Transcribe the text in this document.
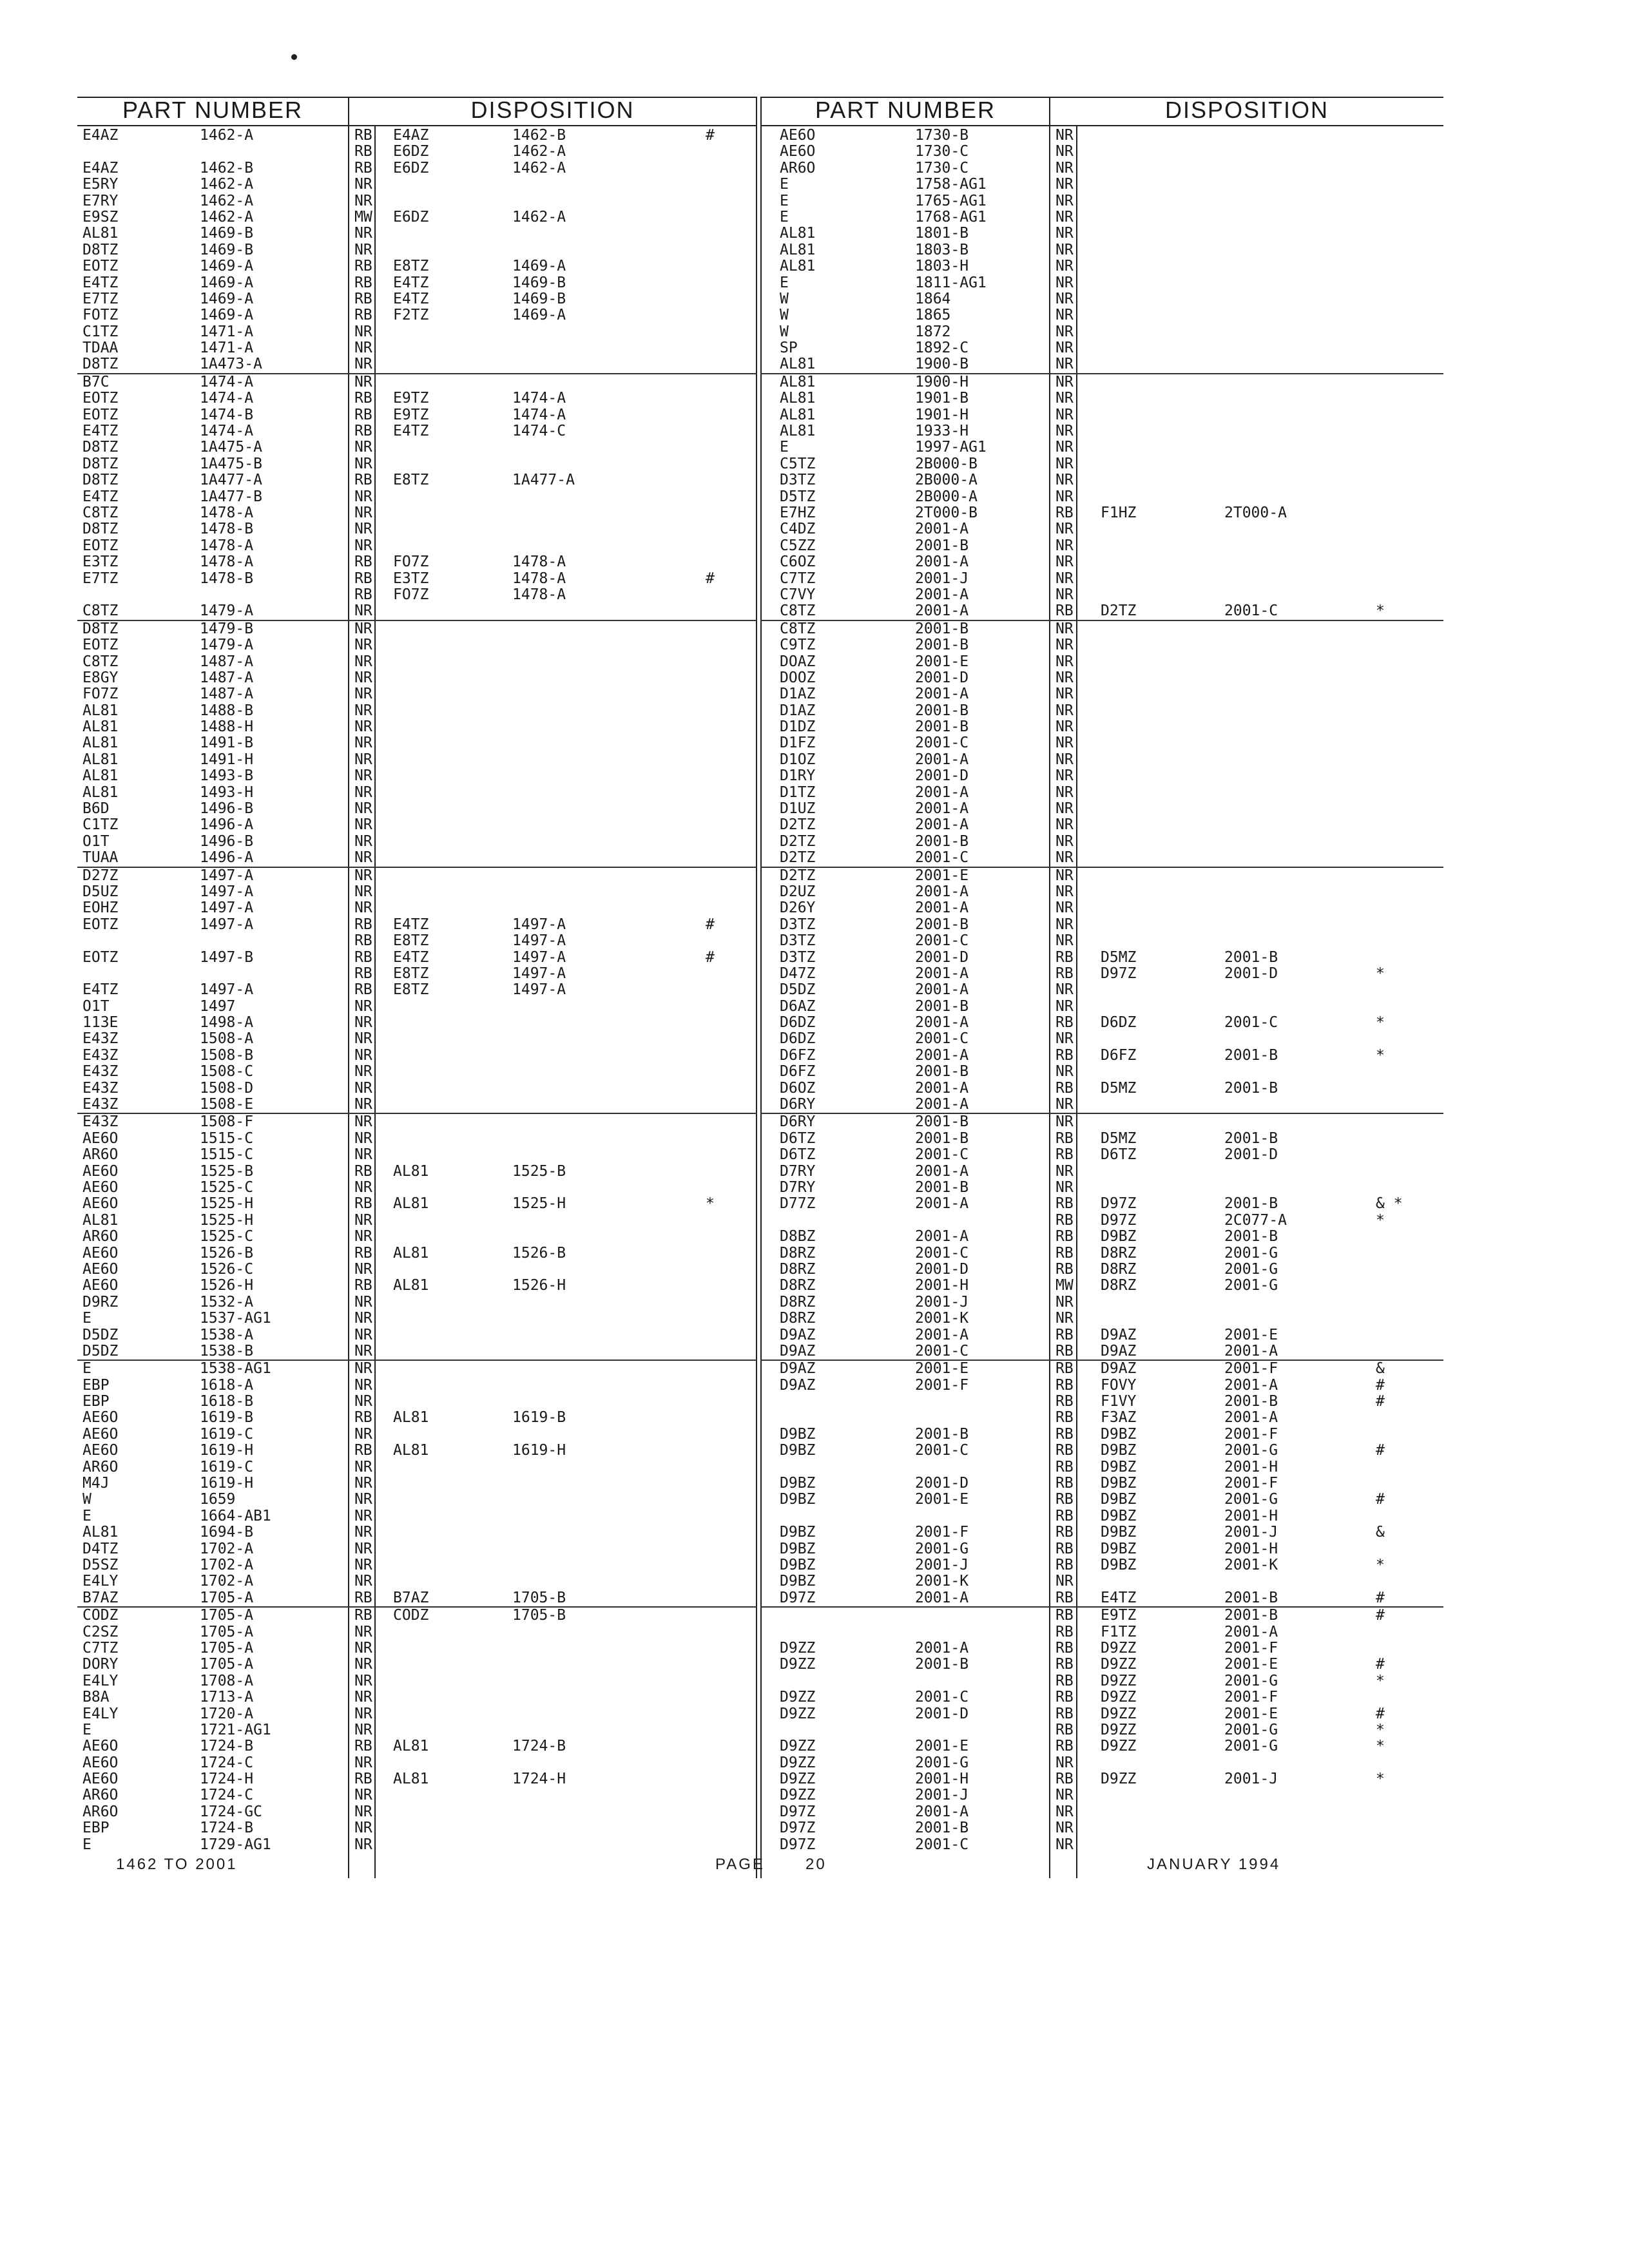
PART NUMBER	DISPOSITION
E4AZ	1462-A	RB E4AZ	1462-B	#
RB E6DZ	1462-A
E4AZ	1462-B	RB E6DZ	1462-A
E5RY	1462-A	NR
E7RY	1462-A	NR
E9SZ	1462-A	MW E6DZ	1462-A
AL81	1469-B	NR
D8TZ	1469-B	NR
EOTZ	1469-A	RB E8TZ	1469-A
E4TZ	1469-A	RB E4TZ	1469-B
E7TZ	1469-A	RB E4TZ	1469-B
FOTZ	1469-A	RB F2TZ	1469-A
C1TZ	1471-A	NR
TDAA	1471-A	NR
D8TZ	1A473-A	NR
B7C	1474-A	NR
EOTZ	1474-A	RB E9TZ	1474-A
EOTZ	1474-B	RB E9TZ	1474-A
E4TZ	1474-A	RB E4TZ	1474-C
D8TZ	1A475-A	NR
D8TZ	1A475-B	NR
D8TZ	1A477-A	RB E8TZ	1A477-A
E4TZ	1A477-B	NR
C8TZ	1478-A	NR
D8TZ	1478-B	NR
EOTZ	1478-A	NR
E3TZ	1478-A	RB FO7Z	1478-A
E7TZ	1478-B	RB E3TZ	1478-A	#
RB FO7Z	1478-A
C8TZ	1479-A	NR
D8TZ	1479-B	NR
EOTZ	1479-A	NR
C8TZ	1487-A	NR
E8GY	1487-A	NR
FO7Z	1487-A	NR
AL81	1488-B	NR
AL81	1488-H	NR
AL81	1491-B	NR
AL81	1491-H	NR
AL81	1493-B	NR
AL81	1493-H	NR
B6D	1496-B	NR
C1TZ	1496-A	NR
O1T	1496-B	NR
TUAA	1496-A	NR
D27Z	1497-A	NR
D5UZ	1497-A	NR
EOHZ	1497-A	NR
EOTZ	1497-A	RB E4TZ	1497-A	#
RB E8TZ	1497-A
EOTZ	1497-B	RB E4TZ	1497-A	#
RB E8TZ	1497-A
E4TZ	1497-A	RB E8TZ	1497-A
O1T	1497	NR
113E	1498-A	NR
E43Z	1508-A	NR
E43Z	1508-B	NR
E43Z	1508-C	NR
E43Z	1508-D	NR
E43Z	1508-E	NR
E43Z	1508-F	NR
AE6O	1515-C	NR
AR6O	1515-C	NR
AE6O	1525-B	RB AL81	1525-B
AE6O	1525-C	NR
AE6O	1525-H	RB AL81	1525-H	*
AL81	1525-H	NR
AR6O	1525-C	NR
AE6O	1526-B	RB AL81	1526-B
AE6O	1526-C	NR
AE6O	1526-H	RB AL81	1526-H
D9RZ	1532-A	NR
E	1537-AG1	NR
D5DZ	1538-A	NR
D5DZ	1538-B	NR
E	1538-AG1	NR
EBP	1618-A	NR
EBP	1618-B	NR
AE6O	1619-B	RB AL81	1619-B
AE6O	1619-C	NR
AE6O	1619-H	RB AL81	1619-H
AR6O	1619-C	NR
M4J	1619-H	NR
W	1659	NR
E	1664-AB1	NR
AL81	1694-B	NR
D4TZ	1702-A	NR
D5SZ	1702-A	NR
E4LY	1702-A	NR
B7AZ	1705-A	RB B7AZ	1705-B
CODZ	1705-A	RB CODZ	1705-B
C2SZ	1705-A	NR
C7TZ	1705-A	NR
DORY	1705-A	NR
E4LY	1708-A	NR
B8A	1713-A	NR
E4LY	1720-A	NR
E	1721-AG1	NR
AE6O	1724-B	RB AL81	1724-B
AE6O	1724-C	NR
AE6O	1724-H	RB AL81	1724-H
AR6O	1724-C	NR
AR6O	1724-GC	NR
EBP	1724-B	NR
E	1729-AG1	NR
PART NUMBER	DISPOSITION
AE6O	1730-B	NR
AE6O	1730-C	NR
AR6O	1730-C	NR
E	1758-AG1	NR
E	1765-AG1	NR
E	1768-AG1	NR
AL81	1801-B	NR
AL81	1803-B	NR
AL81	1803-H	NR
E	1811-AG1	NR
W	1864	NR
W	1865	NR
W	1872	NR
SP	1892-C	NR
AL81	1900-B	NR
AL81	1900-H	NR
AL81	1901-B	NR
AL81	1901-H	NR
AL81	1933-H	NR
E	1997-AG1	NR
C5TZ	2B000-B	NR
D3TZ	2B000-A	NR
D5TZ	2B000-A	NR
E7HZ	2T000-B	RB F1HZ	2T000-A
C4DZ	2001-A	NR
C5ZZ	2001-B	NR
C6OZ	2001-A	NR
C7TZ	2001-J	NR
C7VY	2001-A	NR
C8TZ	2001-A	RB D2TZ	2001-C	*
C8TZ	2001-B	NR
C9TZ	2001-B	NR
DOAZ	2001-E	NR
DOOZ	2001-D	NR
D1AZ	2001-A	NR
D1AZ	2001-B	NR
D1DZ	2001-B	NR
D1FZ	2001-C	NR
D1OZ	2001-A	NR
D1RY	2001-D	NR
D1TZ	2001-A	NR
D1UZ	2001-A	NR
D2TZ	2001-A	NR
D2TZ	2001-B	NR
D2TZ	2001-C	NR
D2TZ	2001-E	NR
D2UZ	2001-A	NR
D26Y	2001-A	NR
D3TZ	2001-B	NR
D3TZ	2001-C	NR
D3TZ	2001-D	RB D5MZ	2001-B
D47Z	2001-A	RB D97Z	2001-D	*
D5DZ	2001-A	NR
D6AZ	2001-B	NR
D6DZ	2001-A	RB D6DZ	2001-C	*
D6DZ	2001-C	NR
D6FZ	2001-A	RB D6FZ	2001-B	*
D6FZ	2001-B	NR
D6OZ	2001-A	RB D5MZ	2001-B
D6RY	2001-A	NR
D6RY	2001-B	NR
D6TZ	2001-B	RB D5MZ	2001-B
D6TZ	2001-C	RB D6TZ	2001-D
D7RY	2001-A	NR
D7RY	2001-B	NR
D77Z	2001-A	RB D97Z	2001-B	& *
RB D97Z	2C077-A	*
D8BZ	2001-A	RB D9BZ	2001-B
D8RZ	2001-C	RB D8RZ	2001-G
D8RZ	2001-D	RB D8RZ	2001-G
D8RZ	2001-H	MW D8RZ	2001-G
D8RZ	2001-J	NR
D8RZ	2001-K	NR
D9AZ	2001-A	RB D9AZ	2001-E
D9AZ	2001-C	RB D9AZ	2001-A
D9AZ	2001-E	RB D9AZ	2001-F	&
D9AZ	2001-F	RB FOVY	2001-A	#
RB F1VY	2001-B	#
RB F3AZ	2001-A
D9BZ	2001-B	RB D9BZ	2001-F
D9BZ	2001-C	RB D9BZ	2001-G	#
RB D9BZ	2001-H
D9BZ	2001-D	RB D9BZ	2001-F
D9BZ	2001-E	RB D9BZ	2001-G	#
RB D9BZ	2001-H
D9BZ	2001-F	RB D9BZ	2001-J	&
D9BZ	2001-G	RB D9BZ	2001-H
D9BZ	2001-J	RB D9BZ	2001-K	*
D9BZ	2001-K	NR
D97Z	2001-A	RB E4TZ	2001-B	#
RB E9TZ	2001-B	#
RB F1TZ	2001-A
D9ZZ	2001-A	RB D9ZZ	2001-F
D9ZZ	2001-B	RB D9ZZ	2001-E	#
RB D9ZZ	2001-G	*
D9ZZ	2001-C	RB D9ZZ	2001-F
D9ZZ	2001-D	RB D9ZZ	2001-E	#
RB D9ZZ	2001-G	*
D9ZZ	2001-E	RB D9ZZ	2001-G	*
D9ZZ	2001-G	NR
D9ZZ	2001-H	RB D9ZZ	2001-J	*
D9ZZ	2001-J	NR
D97Z	2001-A	NR
D97Z	2001-B	NR
D97Z	2001-C	NR
1462 TO 2001	PAGE	20	JANUARY 1994
